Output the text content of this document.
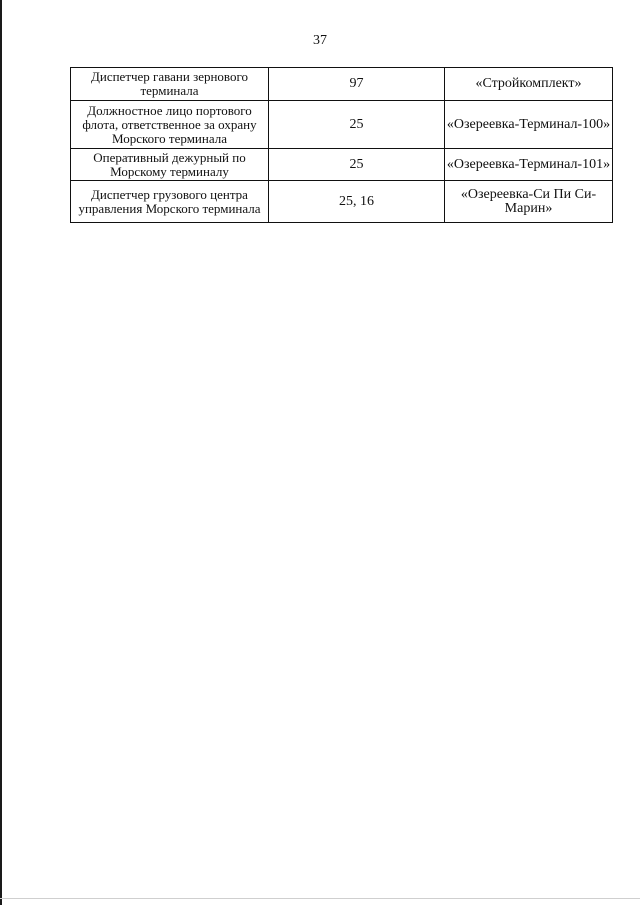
37
Диспетчер гавани зернового терминала	97	«Стройкомплект»
Должностное лицо портового флота, ответственное за охрану Морского терминала	25	«Озереевка-Терминал-100»
Оперативный дежурный по Морскому терминалу	25	«Озереевка-Терминал-101»
Диспетчер грузового центра управления Морского терминала	25, 16	«Озереевка-Си Пи Си-Марин»
